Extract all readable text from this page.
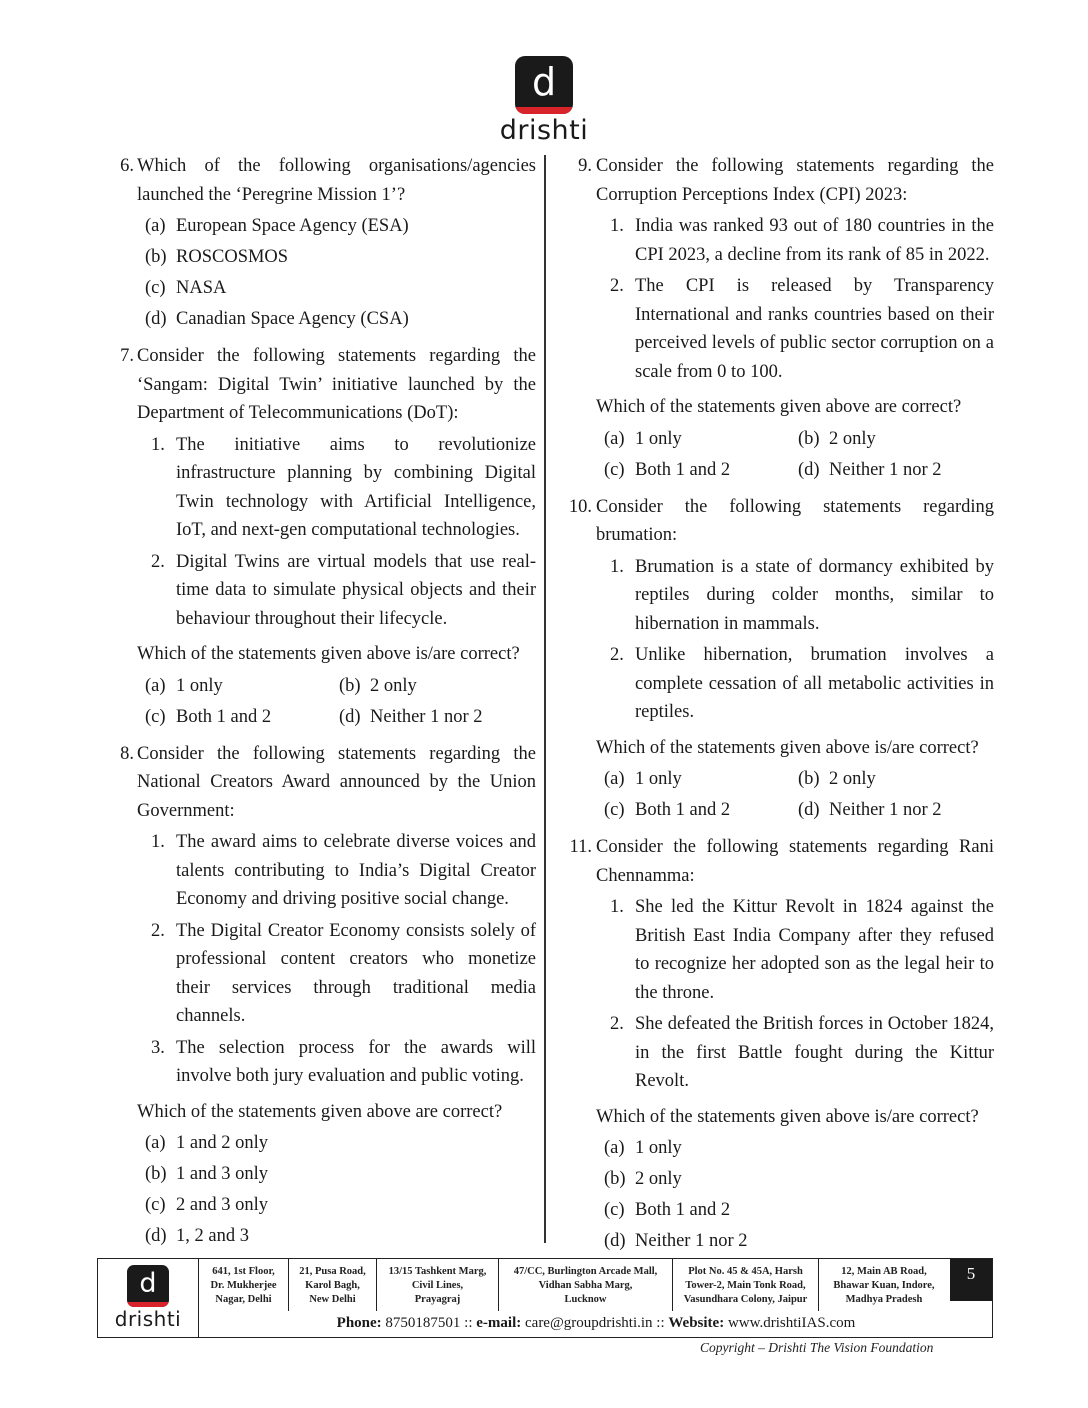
d
drishti
6. Which of the following organisations/agencies launched the ‘Peregrine Mission 1’?
(a) European Space Agency (ESA)
(b) ROSCOSMOS
(c) NASA
(d) Canadian Space Agency (CSA)
7. Consider the following statements regarding the ‘Sangam: Digital Twin’ initiative launched by the Department of Telecommunications (DoT):
1. The initiative aims to revolutionize infrastructure planning by combining Digital Twin technology with Artificial Intelligence, IoT, and next-gen computational technologies.
2. Digital Twins are virtual models that use real-time data to simulate physical objects and their behaviour throughout their lifecycle.
Which of the statements given above is/are correct?
(a) 1 only	(b) 2 only
(c) Both 1 and 2	(d) Neither 1 nor 2
8. Consider the following statements regarding the National Creators Award announced by the Union Government:
1. The award aims to celebrate diverse voices and talents contributing to India’s Digital Creator Economy and driving positive social change.
2. The Digital Creator Economy consists solely of professional content creators who monetize their services through traditional media channels.
3. The selection process for the awards will involve both jury evaluation and public voting.
Which of the statements given above are correct?
(a) 1 and 2 only
(b) 1 and 3 only
(c) 2 and 3 only
(d) 1, 2 and 3
9. Consider the following statements regarding the Corruption Perceptions Index (CPI) 2023:
1. India was ranked 93 out of 180 countries in the CPI 2023, a decline from its rank of 85 in 2022.
2. The CPI is released by Transparency International and ranks countries based on their perceived levels of public sector corruption on a scale from 0 to 100.
Which of the statements given above are correct?
(a) 1 only	(b) 2 only
(c) Both 1 and 2	(d) Neither 1 nor 2
10. Consider the following statements regarding brumation:
1. Brumation is a state of dormancy exhibited by reptiles during colder months, similar to hibernation in mammals.
2. Unlike hibernation, brumation involves a complete cessation of all metabolic activities in reptiles.
Which of the statements given above is/are correct?
(a) 1 only	(b) 2 only
(c) Both 1 and 2	(d) Neither 1 nor 2
11. Consider the following statements regarding Rani Chennamma:
1. She led the Kittur Revolt in 1824 against the British East India Company after they refused to recognize her adopted son as the legal heir to the throne.
2. She defeated the British forces in October 1824, in the first Battle fought during the Kittur Revolt.
Which of the statements given above is/are correct?
(a) 1 only
(b) 2 only
(c) Both 1 and 2
(d) Neither 1 nor 2
d
drishti
641, 1st Floor,
Dr. Mukherjee
Nagar, Delhi
21, Pusa Road,
Karol Bagh,
New Delhi
13/15 Tashkent Marg,
Civil Lines,
Prayagraj
47/CC, Burlington Arcade Mall,
Vidhan Sabha Marg,
Lucknow
Plot No. 45 & 45A, Harsh
Tower-2, Main Tonk Road,
Vasundhara Colony, Jaipur
12, Main AB Road,
Bhawar Kuan, Indore,
Madhya Pradesh
5
Phone: 8750187501 :: e-mail: care@groupdrishti.in :: Website: www.drishtiIAS.com
Copyright – Drishti The Vision Foundation
